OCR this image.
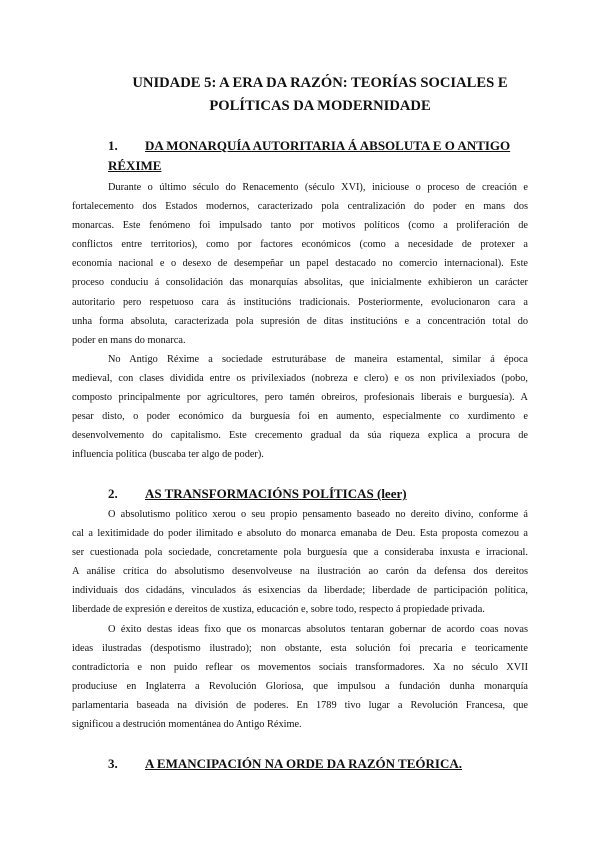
UNIDADE 5: A ERA DA RAZÓN: TEORÍAS SOCIALES E
POLÍTICAS DA MODERNIDADE
1. DA MONARQUÍA AUTORITARIA Á ABSOLUTA E O ANTIGO
RÉXIME

Durante o último século do Renacemento (século XVI), iniciouse o proceso de creación e
fortalecemento dos Estados modernos, caracterizado pola centralización do poder en mans dos
monarcas. Este fenómeno foi impulsado tanto por motivos políticos (como a proliferación de
conflictos entre territorios), como por factores económicos (como a necesidade de protexer a
economía nacional e o desexo de desempeñar un papel destacado no comercio internacional). Este
proceso conduciu á consolidación das monarquías absolitas, que inicialmente exhibieron un carácter
autoritario pero respetuoso cara ás institucións tradicionais. Posteriormente, evolucionaron cara a
unha forma absoluta, caracterizada pola supresión de ditas institucións e a concentración total do
poder en mans do monarca.

No Antigo Réxime a sociedade estruturábase de maneira estamental, similar á época
medieval, con clases dividida entre os privilexiados (nobreza e clero) e os non privilexiados (pobo,
composto principalmente por agricultores, pero tamén obreiros, profesionais liberais e burguesía). A
pesar disto, o poder económico da burguesía foi en aumento, especialmente co xurdimento e
desenvolvemento do capitalismo. Este crecemento gradual da súa riqueza explica a procura de
influencia política (buscaba ter algo de poder).

2. AS TRANSFORMACIÓNS POLÍTICAS (leer)

O absolutismo político xerou o seu propio pensamento baseado no dereito divino, conforme á
cal a lexitimidade do poder ilimitado e absoluto do monarca emanaba de Deu. Esta proposta comezou a
ser cuestionada pola sociedade, concretamente pola burguesía que a consideraba inxusta e irracional.
A análise crítica do absolutismo desenvolveuse na ilustración ao carón da defensa dos dereitos
individuais dos cidadáns, vinculados ás esixencias da liberdade; liberdade de participación política,
liberdade de expresión e dereitos de xustiza, educación e, sobre todo, respecto á propiedade privada.

O éxito destas ideas fixo que os monarcas absolutos tentaran gobernar de acordo coas novas
ideas ilustradas (despotismo ilustrado); non obstante, esta solución foi precaria e teoricamente
contradictoria e non puido reflear os movementos sociais transformadores. Xa no século XVII
produciuse en Inglaterra a Revolución Gloriosa, que impulsou a fundación dunha monarquía
parlamentaria baseada na división de poderes. En 1789 tivo lugar a Revolución Francesa, que
significou a destrución momentánea do Antigo Réxime.

3. A EMANCIPACIÓN NA ORDE DA RAZÓN TEÓRICA.
